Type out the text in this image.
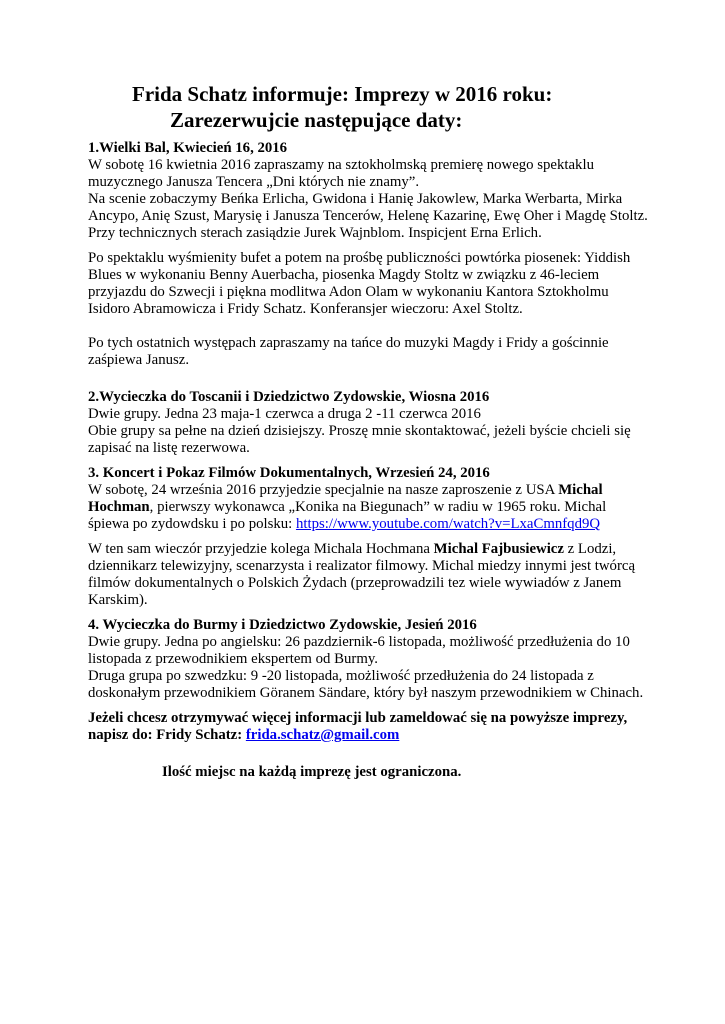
Frida Schatz informuje: Imprezy w 2016 roku:
Zarezerwujcie następujące daty:

1.Wielki Bal, Kwiecień 16, 2016

W sobotę 16 kwietnia 2016 zapraszamy na sztokholmską premierę nowego spektaklu muzycznego Janusza Tencera „Dni których nie znamy”.

Na scenie zobaczymy Beńka Erlicha, Gwidona i Hanię Jakowlew, Marka Werbarta, Mirka Ancypo, Anię Szust, Marysię i Janusza Tencerów, Helenę Kazarinę, Ewę Oher i Magdę Stoltz. Przy technicznych sterach zasiądzie Jurek Wajnblom. Inspicjent Erna Erlich.

Po spektaklu wyśmienity bufet a potem na prośbę publiczności powtórka piosenek: Yiddish Blues w wykonaniu Benny Auerbacha, piosenka Magdy Stoltz w związku z 46-leciem przyjazdu do Szwecji i piękna modlitwa Adon Olam w wykonaniu Kantora Sztokholmu Isidoro Abramowicza i Fridy Schatz. Konferansjer wieczoru: Axel Stoltz.

Po tych ostatnich występach zapraszamy na tańce do muzyki Magdy i Fridy a gościnnie zaśpiewa Janusz.

2.Wycieczka do Toscanii i Dziedzictwo Zydowskie, Wiosna 2016

Dwie grupy. Jedna 23 maja-1 czerwca a druga 2 -11 czerwca 2016

Obie grupy sa pełne na dzień dzisiejszy. Proszę mnie skontaktować, jeżeli byście chcieli się zapisać na listę rezerwowa.

3. Koncert i Pokaz Filmów Dokumentalnych, Wrzesień 24, 2016

W sobotę, 24 września 2016 przyjedzie specjalnie na nasze zaproszenie z USA Michal Hochman, pierwszy wykonawca „Konika na Biegunach” w radiu w 1965 roku. Michal śpiewa po zydowdsku i po polsku: https://www.youtube.com/watch?v=LxaCmnfqd9Q

W ten sam wieczór przyjedzie kolega Michala Hochmana Michal Fajbusiewicz z Lodzi, dziennikarz telewizyjny, scenarzysta i realizator filmowy. Michal miedzy innymi jest twórcą filmów dokumentalnych o Polskich Żydach (przeprowadzili tez wiele wywiadów z Janem Karskim).

4. Wycieczka do Burmy i Dziedzictwo Zydowskie, Jesień 2016

Dwie grupy. Jedna po angielsku: 26 pazdziernik-6 listopada, możliwość przedłużenia do 10 listopada z przewodnikiem ekspertem od Burmy.

Druga grupa po szwedzku: 9 -20 listopada, możliwość przedłużenia do 24 listopada z doskonałym przewodnikiem Göranem Sändare, który był naszym przewodnikiem w Chinach.

Jeżeli chcesz otrzymywać więcej informacji lub zameldować się na powyższe imprezy, napisz do: Fridy Schatz: frida.schatz@gmail.com

Ilość miejsc na każdą imprezę jest ograniczona.
